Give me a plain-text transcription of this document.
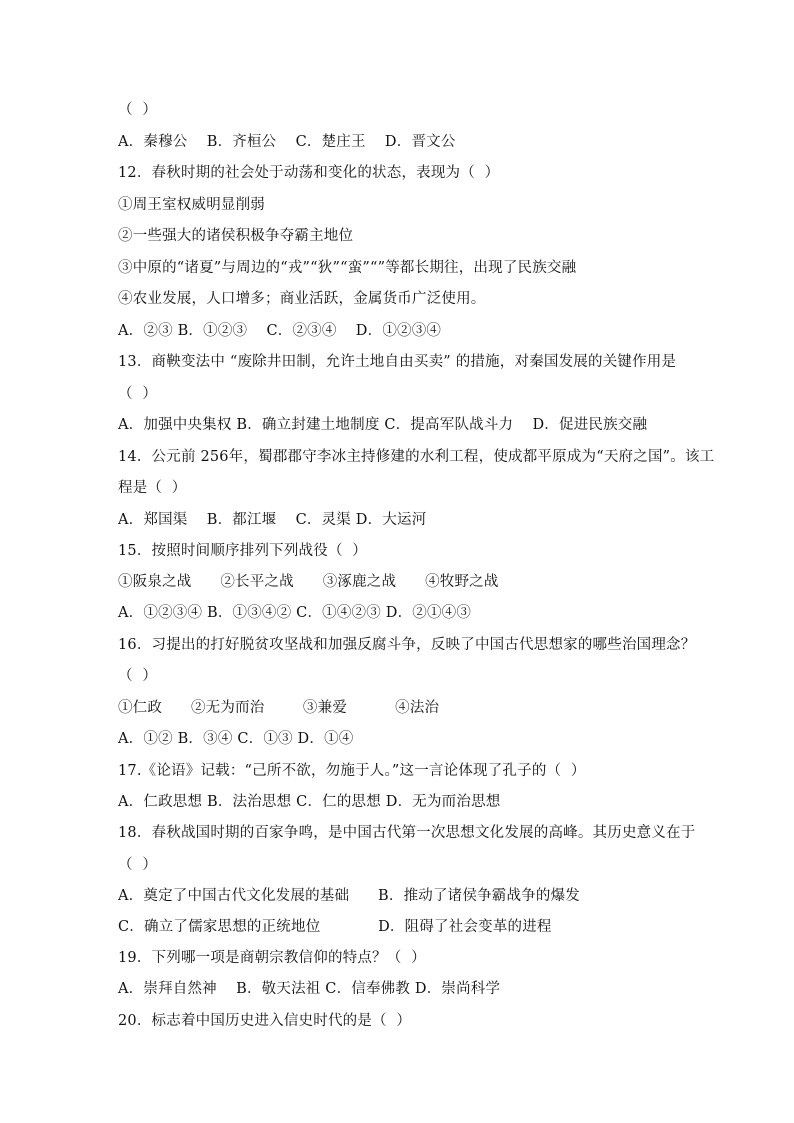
（  ）
A．秦穆公    B．齐桓公    C．楚庄王    D．晋文公
12．春秋时期的社会处于动荡和变化的状态，表现为（  ）
①周王室权威明显削弱
②一些强大的诸侯积极争夺霸主地位
③中原的“诸夏”与周边的“戎”“狄”“蛮”“”等都长期往，出现了民族交融
④农业发展，人口增多；商业活跃，金属货币广泛使用。
A．②③ B．①②③    C．②③④    D．①②③④
13．商鞅变法中 “废除井田制，允许土地自由买卖” 的措施，对秦国发展的关键作用是
（  ）
A．加强中央集权 B．确立封建土地制度 C．提高军队战斗力    D．促进民族交融
14．公元前 256年，蜀郡郡守李冰主持修建的水利工程，使成都平原成为“天府之国”。该工
程是（  ）
A．郑国渠    B．都江堰    C．灵渠 D．大运河
15．按照时间顺序排列下列战役（  ）
①阪泉之战      ②长平之战      ③涿鹿之战      ④牧野之战
A．①②③④ B．①③④② C．①④②③ D．②①④③
16．习提出的打好脱贫攻坚战和加强反腐斗争，反映了中国古代思想家的哪些治国理念？
（  ）
①仁政      ②无为而治        ③兼爱          ④法治
A．①② B．③④ C．①③ D．①④
17.《论语》记载：“己所不欲，勿施于人。”这一言论体现了孔子的（  ）
A．仁政思想 B．法治思想 C．仁的思想 D．无为而治思想
18．春秋战国时期的百家争鸣，是中国古代第一次思想文化发展的高峰。其历史意义在于
（  ）
A．奠定了中国古代文化发展的基础      B．推动了诸侯争霸战争的爆发
C．确立了儒家思想的正统地位            D．阻碍了社会变革的进程
19．下列哪一项是商朝宗教信仰的特点？（  ）
A．崇拜自然神    B．敬天法祖 C．信奉佛教 D．崇尚科学
20．标志着中国历史进入信史时代的是（  ）
